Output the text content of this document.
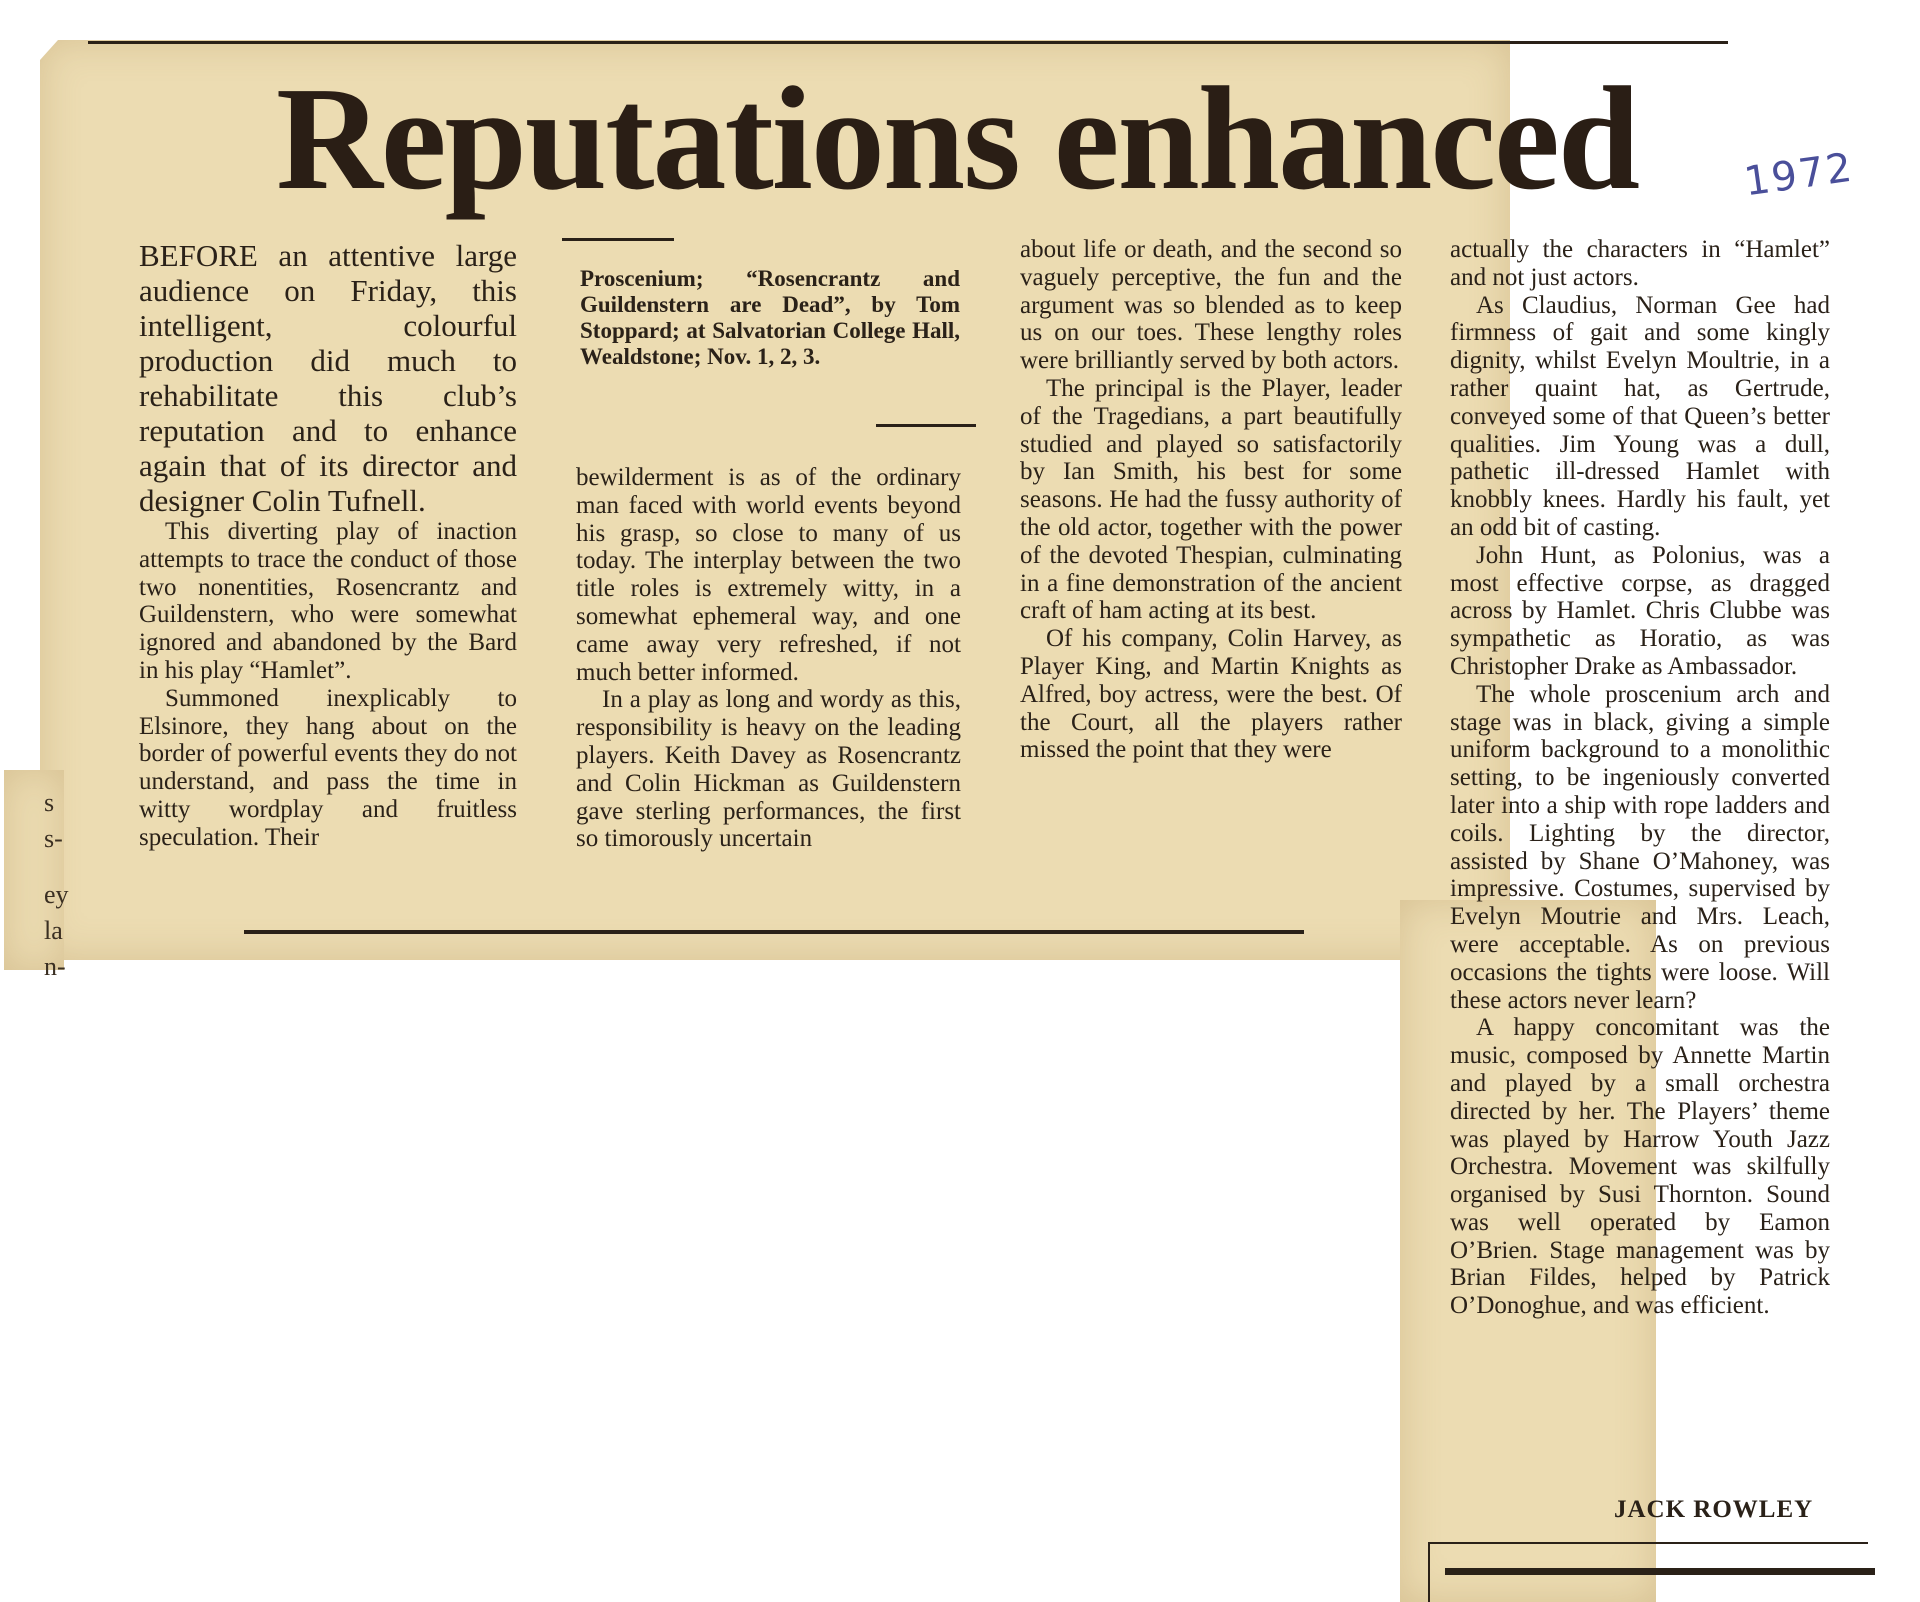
s
s-
ey
la
n-
Reputations enhanced	1972

BEFORE an attentive large audience on Friday, this intelligent, colourful production did much to rehabilitate this club’s reputation and to enhance again that of its director and designer Colin Tufnell.

This diverting play of inaction attempts to trace the conduct of those two nonentities, Rosencrantz and Guildenstern, who were somewhat ignored and abandoned by the Bard in his play “Hamlet”.

Summoned inexplicably to Elsinore, they hang about on the border of powerful events they do not understand, and pass the time in witty wordplay and fruitless speculation. Their

Proscenium; “Rosencrantz and Guildenstern are Dead”, by Tom Stoppard; at Salvatorian College Hall, Wealdstone; Nov. 1, 2, 3.

bewilderment is as of the ordinary man faced with world events beyond his grasp, so close to many of us today. The interplay between the two title roles is extremely witty, in a somewhat ephemeral way, and one came away very refreshed, if not much better informed.

In a play as long and wordy as this, responsibility is heavy on the leading players. Keith Davey as Rosencrantz and Colin Hickman as Guildenstern gave sterling performances, the first so timorously uncertain

about life or death, and the second so vaguely perceptive, the fun and the argument was so blended as to keep us on our toes. These lengthy roles were brilliantly served by both actors.

The principal is the Player, leader of the Tragedians, a part beautifully studied and played so satisfactorily by Ian Smith, his best for some seasons. He had the fussy authority of the old actor, together with the power of the devoted Thespian, culminating in a fine demonstration of the ancient craft of ham acting at its best.

Of his company, Colin Harvey, as Player King, and Martin Knights as Alfred, boy actress, were the best. Of the Court, all the players rather missed the point that they were

actually the characters in “Hamlet” and not just actors.

As Claudius, Norman Gee had firmness of gait and some kingly dignity, whilst Evelyn Moultrie, in a rather quaint hat, as Gertrude, conveyed some of that Queen’s better qualities. Jim Young was a dull, pathetic ill-dressed Hamlet with knobbly knees. Hardly his fault, yet an odd bit of casting.

John Hunt, as Polonius, was a most effective corpse, as dragged across by Hamlet. Chris Clubbe was sympathetic as Horatio, as was Christopher Drake as Ambassador.

The whole proscenium arch and stage was in black, giving a simple uniform background to a monolithic setting, to be ingeniously converted later into a ship with rope ladders and coils. Lighting by the director, assisted by Shane O’Mahoney, was impressive. Costumes, supervised by Evelyn Moutrie and Mrs. Leach, were acceptable. As on previous occasions the tights were loose. Will these actors never learn?

A happy concomitant was the music, composed by Annette Martin and played by a small orchestra directed by her. The Players’ theme was played by Harrow Youth Jazz Orchestra. Movement was skilfully organised by Susi Thornton. Sound was well operated by Eamon O’Brien. Stage management was by Brian Fildes, helped by Patrick O’Donoghue, and was efficient.

JACK ROWLEY
